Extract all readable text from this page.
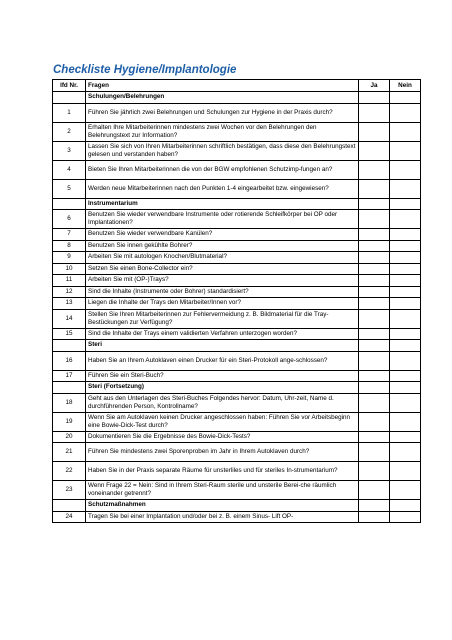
Checkliste Hygiene/Implantologie
lfd Nr.	Fragen	Ja	Nein
	Schulungen/Belehrungen		
1	Führen Sie jährlich zwei Belehrungen und Schulungen zur Hygiene in der Praxis durch?		
2	Erhalten Ihre Mitarbeiterinnen mindestens zwei Wochen vor den Belehrungen den Belehrungstext zur Information?		
3	Lassen Sie sich von Ihren Mitarbeiterinnen schriftlich bestätigen, dass diese den Belehrungstext gelesen und verstanden haben?		
4	Bieten Sie Ihren Mitarbeiterinnen die von der BGW empfohlenen Schutzimp-fungen an?		
5	Werden neue Mitarbeiterinnen nach den Punkten 1-4 eingearbeitet bzw. eingewiesen?		
	Instrumentarium		
6	Benutzen Sie wieder verwendbare Instrumente oder rotierende Schleifkörper bei OP oder Implantationen?		
7	Benutzen Sie wieder verwendbare Kanülen?		
8	Benutzen Sie innen gekühlte Bohrer?		
9	Arbeiten Sie mit autologen Knochen/Blutmaterial?		
10	Setzen Sie einen Bone-Collector ein?		
11	Arbeiten Sie mit (OP-)Trays?		
12	Sind die Inhalte (Instrumente oder Bohrer) standardisiert?		
13	Liegen die Inhalte der Trays den Mitarbeiter/Innen vor?		
14	Stellen Sie Ihren Mitarbeiterinnen zur Fehlervermeidung z. B. Bildmaterial für die Tray-Bestückungen zur Verfügung?		
15	Sind die Inhalte der Trays einem validierten Verfahren unterzogen worden?		
	Steri		
16	Haben Sie an Ihrem Autoklaven einen Drucker für ein Steri-Protokoll ange-schlossen?		
17	Führen Sie ein Steri-Buch?		
	Steri (Fortsetzung)		
18	Geht aus den Unterlagen des Steri-Buches Folgendes hervor: Datum, Uhr-zeit, Name d. durchführenden Person, Kontrollname?		
19	Wenn Sie am Autoklaven keinen Drucker angeschlossen haben: Führen Sie vor Arbeitsbeginn eine Bowie-Dick-Test durch?		
20	Dokumentieren Sie die Ergebnisse des Bowie-Dick-Tests?		
21	Führen Sie mindestens zwei Sporenproben im Jahr in Ihrem Autoklaven durch?		
22	Haben Sie in der Praxis separate Räume für unsterliles und für steriles In-strumentarium?		
23	Wenn Frage 22 = Nein: Sind in Ihrem Steri-Raum sterile und unsterile Berei-che räumlich voneinander getrennt?		
	Schutzmaßnahmen		
24	Tragen Sie bei einer Implantation und/oder bei z. B. einem Sinus- Lift OP-		
